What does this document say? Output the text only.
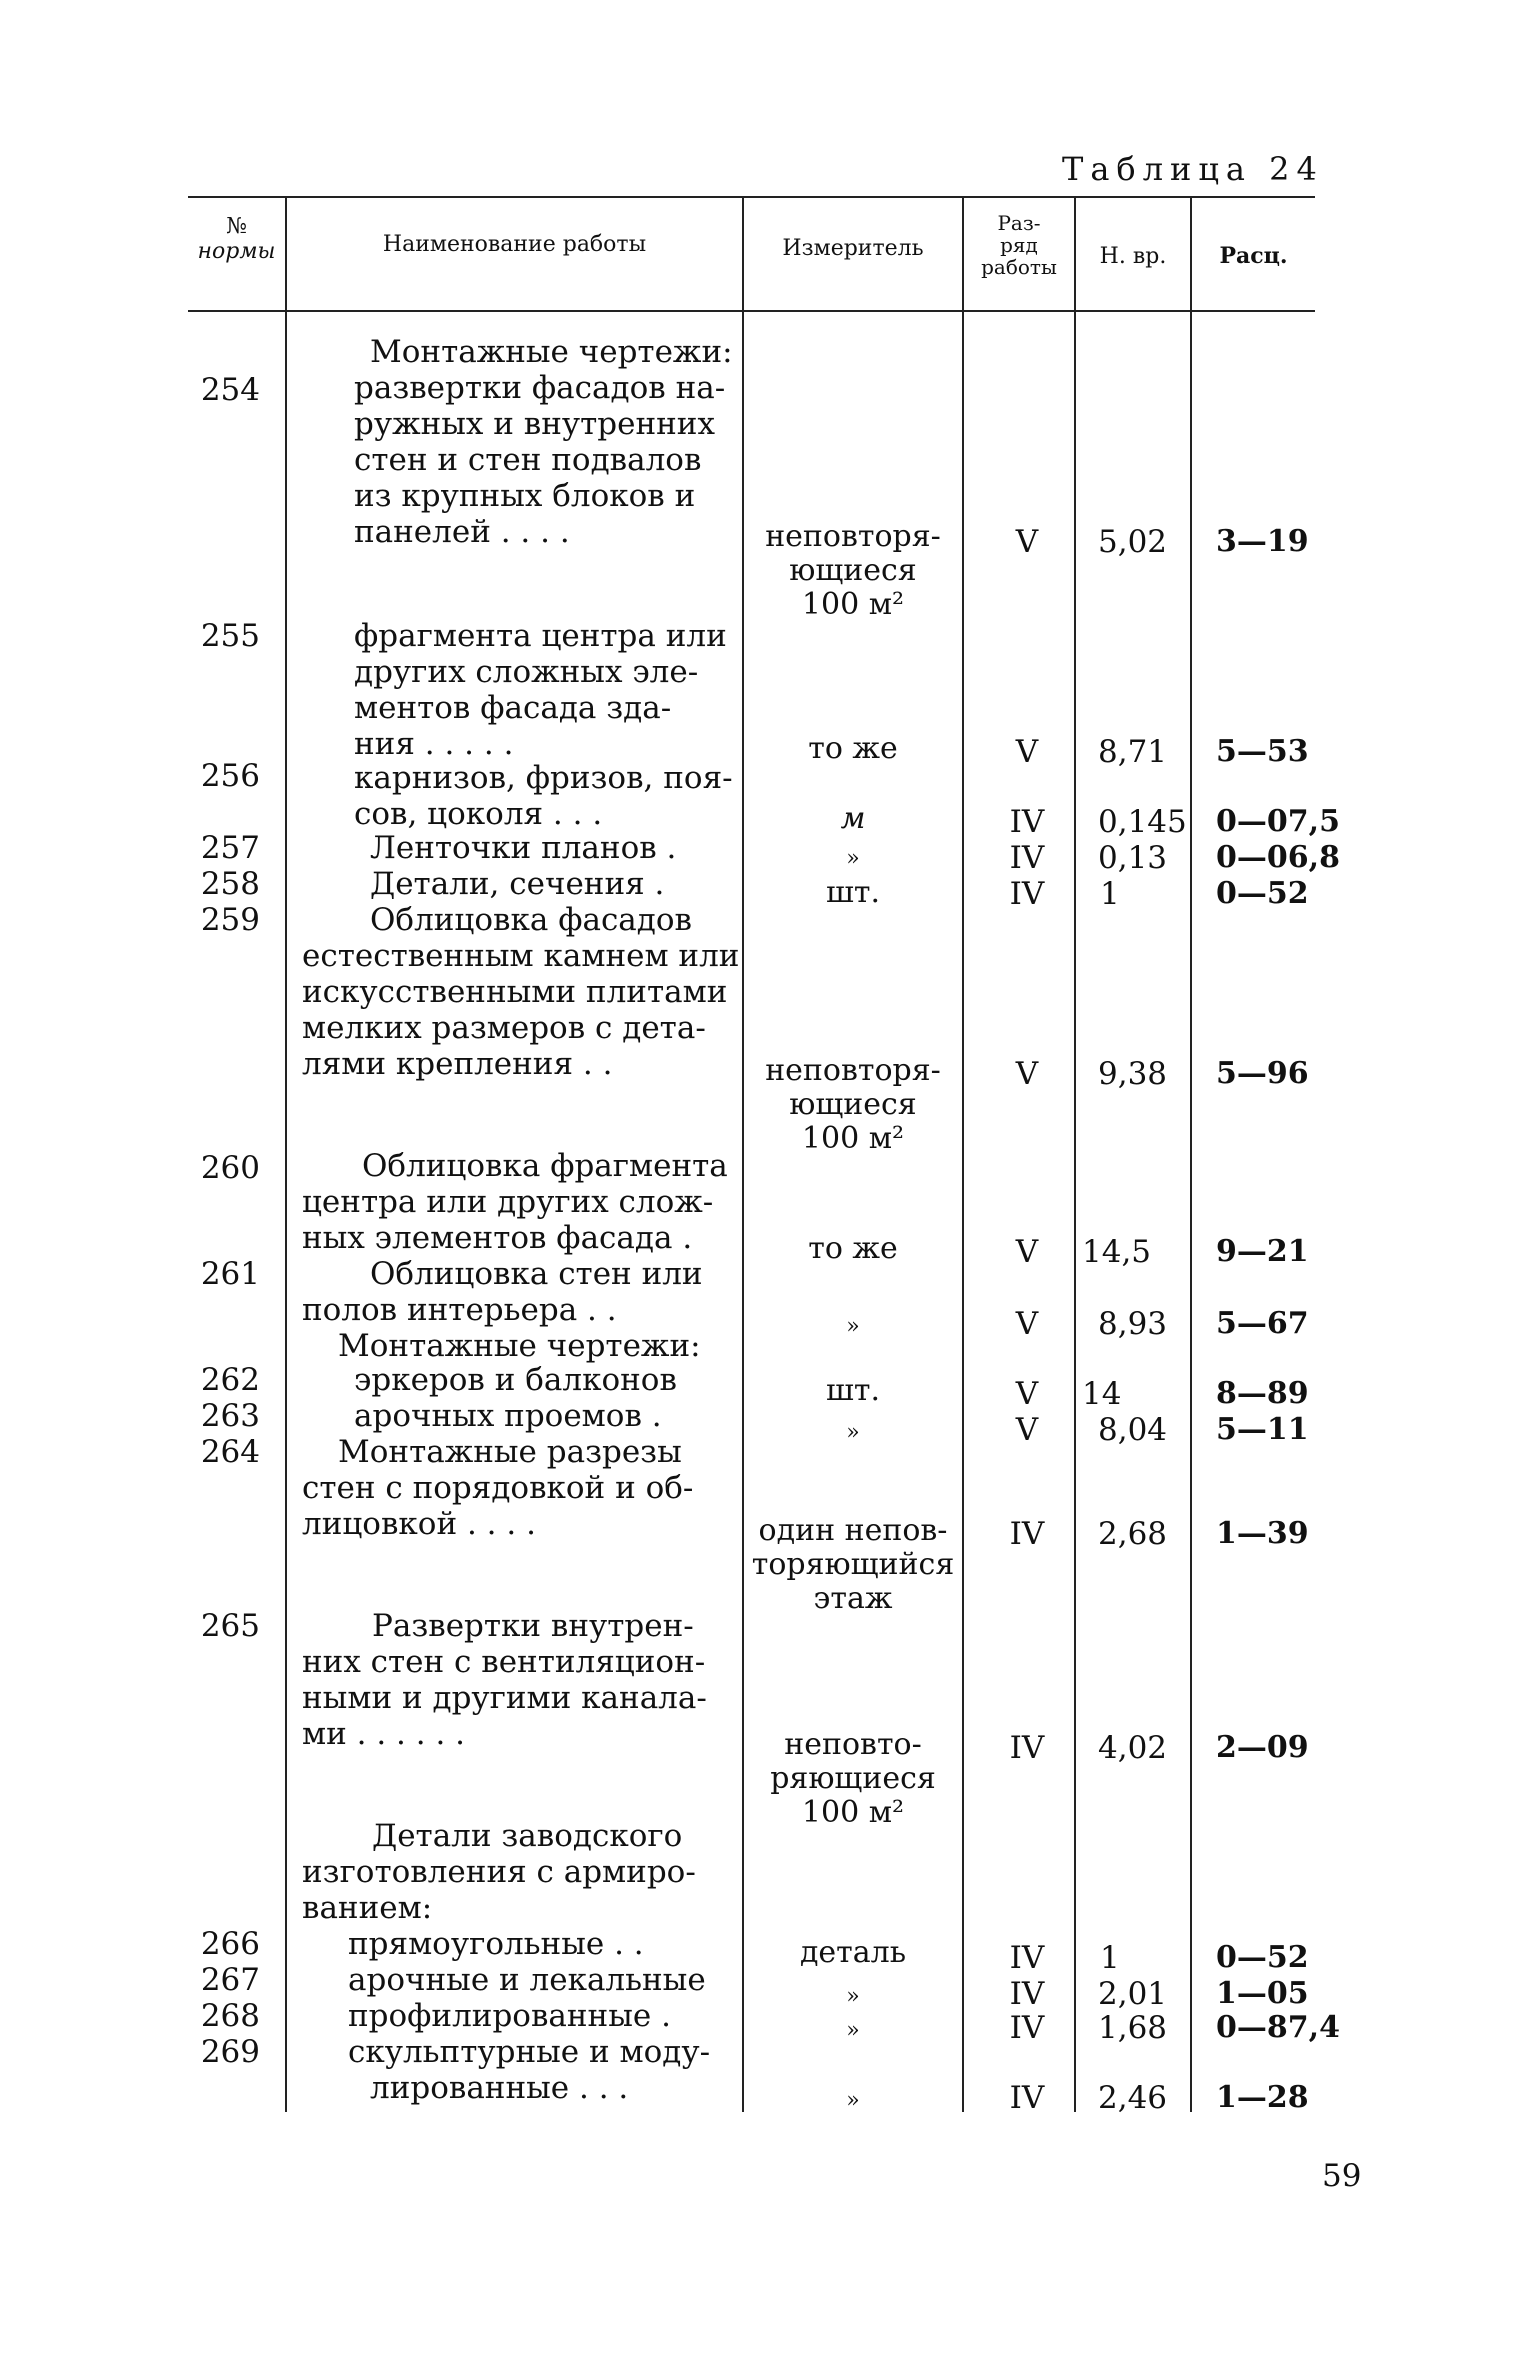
Таблица 24
№
нормы	Наименование работы	Измеритель
Раз-
ряд
работы	Н. вр.	Расц.
254
Монтажные чертежи:
развертки фасадов на-
ружных и внутренних
стен и стен подвалов
из крупных блоков и
панелей . . . .	неповторя-
ющиеся
100 м²
V	5,02 3—19
255	фрагмента центра или
других сложных эле-
ментов фасада зда-
ния . . . . .	то же	V	8,71 5—53
256	карнизов, фризов, поя-
сов, цоколя . . .	м	IV	0,145 0—07,5
257	Ленточки планов .	»	IV	0,13 0—06,8
258	Детали, сечения .	шт.	IV	1	0—52
259	Облицовка фасадов
естественным камнем или
искусственными плитами
мелких размеров с дета-
лями крепления . .	неповторя-
ющиеся
100 м²
V	9,38 5—96
260	Облицовка фрагмента
центра или других слож-
ных элементов фасада .	то же	V	14,5 9—21
261	Облицовка стен или
полов интерьера . .	»	V	8,93 5—67
Монтажные чертежи:
262	эркеров и балконов	шт.	V	14	8—89
263	арочных проемов .	»	V	8,04 5—11
264	Монтажные разрезы
стен с порядовкой и об-
лицовкой . . . .	один непов-
торяющийся
этаж
IV	2,68 1—39
265	Развертки внутрен-
них стен с вентиляцион-
ными и другими канала-
ми . . . . . .	неповто-
ряющиеся
100 м²
IV	4,02 2—09
Детали заводского
изготовления с армиро-
ванием:
266	прямоугольные . .	деталь	IV	1	0—52
267	арочные и лекальные	»	IV	2,01 1—05
268	профилированные .	»	IV	1,68 0—87,4
269	скульптурные и моду-
лированные . . .	»	IV	2,46 1—28
59
